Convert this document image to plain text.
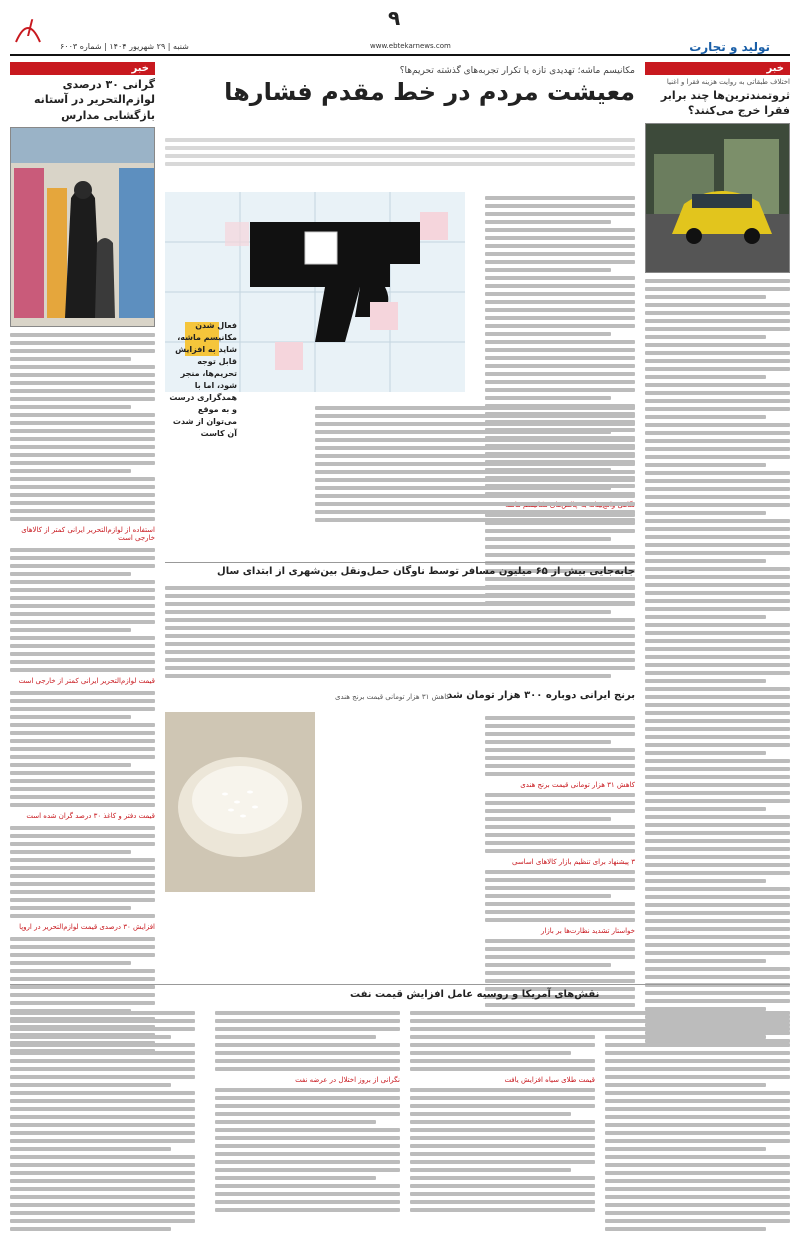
ا
شنبه | ۲۹ شهریور ۱۴۰۴ | شماره ۶۰۰۳	www.ebtekarnews.com
۹
تولید و تجارت
خبر
اختلاف طبقاتی به روایت هزینه فقرا و اغنیا
ثروتمندترین‌ها چند برابر فقرا خرج می‌کنند؟
خبر
گرانی ۳۰ درصدی لوازم‌التحریر در آستانه بازگشایی مدارس
استفاده از لوازم‌التحریر ایرانی کمتر از کالاهای خارجی است
قیمت لوازم‌التحریر ایرانی کمتر از خارجی است
قیمت دفتر و کاغذ ۳۰ درصد گران شده است
افزایش ۳۰ درصدی قیمت لوازم‌التحریر در اروپا
مکانیسم ماشه؛ تهدیدی تازه یا تکرار تجربه‌های گذشته تحریم‌ها؟
معیشت مردم در خط مقدم فشارها
فعال شدن مکانیسم ماشه، شاید به افزایش قابل توجه تحریم‌ها، منجر شود، اما با همدگراری درست و به موقع می‌توان از شدت آن کاست
جابه‌جایی بیش از ۶۵ میلیون مسافر توسط ناوگان حمل‌ونقل بین‌شهری از ابتدای سال
برنج ایرانی دوباره ۳۰۰ هزار تومان شد
کاهش ۳۱ هزار تومانی قیمت برنج هندی
کاهش ۳۱ هزار تومانی قیمت برنج هندی
۳ پیشنهاد برای تنظیم بازار کالاهای اساسی
خواستار تشدید نظارت‌ها بر بازار
نقش‌های آمریکا و روسیه عامل افزایش قیمت نفت
قیمت طلای سیاه افزایش یافت
نگرانی از بروز اختلال در عرضه نفت
